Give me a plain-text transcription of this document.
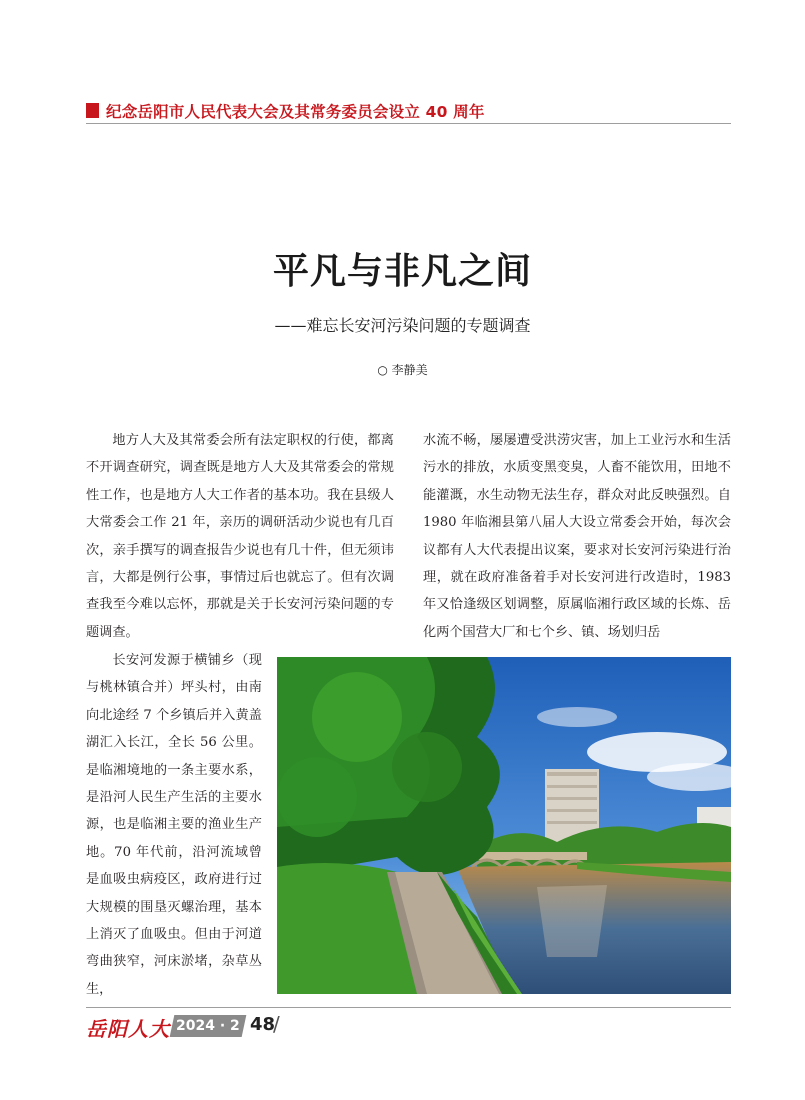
纪念岳阳市人民代表大会及其常务委员会设立 40 周年
平凡与非凡之间
——难忘长安河污染问题的专题调查
○ 李静美

地方人大及其常委会所有法定职权的行使，都离不开调查研究，调查既是地方人大及其常委会的常规性工作，也是地方人大工作者的基本功。我在县级人大常委会工作 21 年，亲历的调研活动少说也有几百次，亲手撰写的调查报告少说也有几十件，但无须讳言，大都是例行公事，事情过后也就忘了。但有次调查我至今难以忘怀，那就是关于长安河污染问题的专题调查。

长安河发源于横铺乡（现与桃林镇合并）坪头村，由南向北途经 7 个乡镇后并入黄盖湖汇入长江，全长 56 公里。是临湘境地的一条主要水系，是沿河人民生产生活的主要水源，也是临湘主要的渔业生产地。70 年代前，沿河流域曾是血吸虫病疫区，政府进行过大规模的围垦灭螺治理，基本上消灭了血吸虫。但由于河道弯曲狭窄，河床淤堵，杂草丛生，

水流不畅，屡屡遭受洪涝灾害，加上工业污水和生活污水的排放，水质变黑变臭，人畜不能饮用，田地不能灌溉，水生动物无法生存，群众对此反映强烈。自 1980 年临湘县第八届人大设立常委会开始，每次会议都有人大代表提出议案，要求对长安河污染进行治理，就在政府准备着手对长安河进行改造时，1983 年又恰逢级区划调整，原属临湘行政区域的长炼、岳化两个国营大厂和七个乡、镇、场划归岳

岳阳人大 2024 · 2 48
/
